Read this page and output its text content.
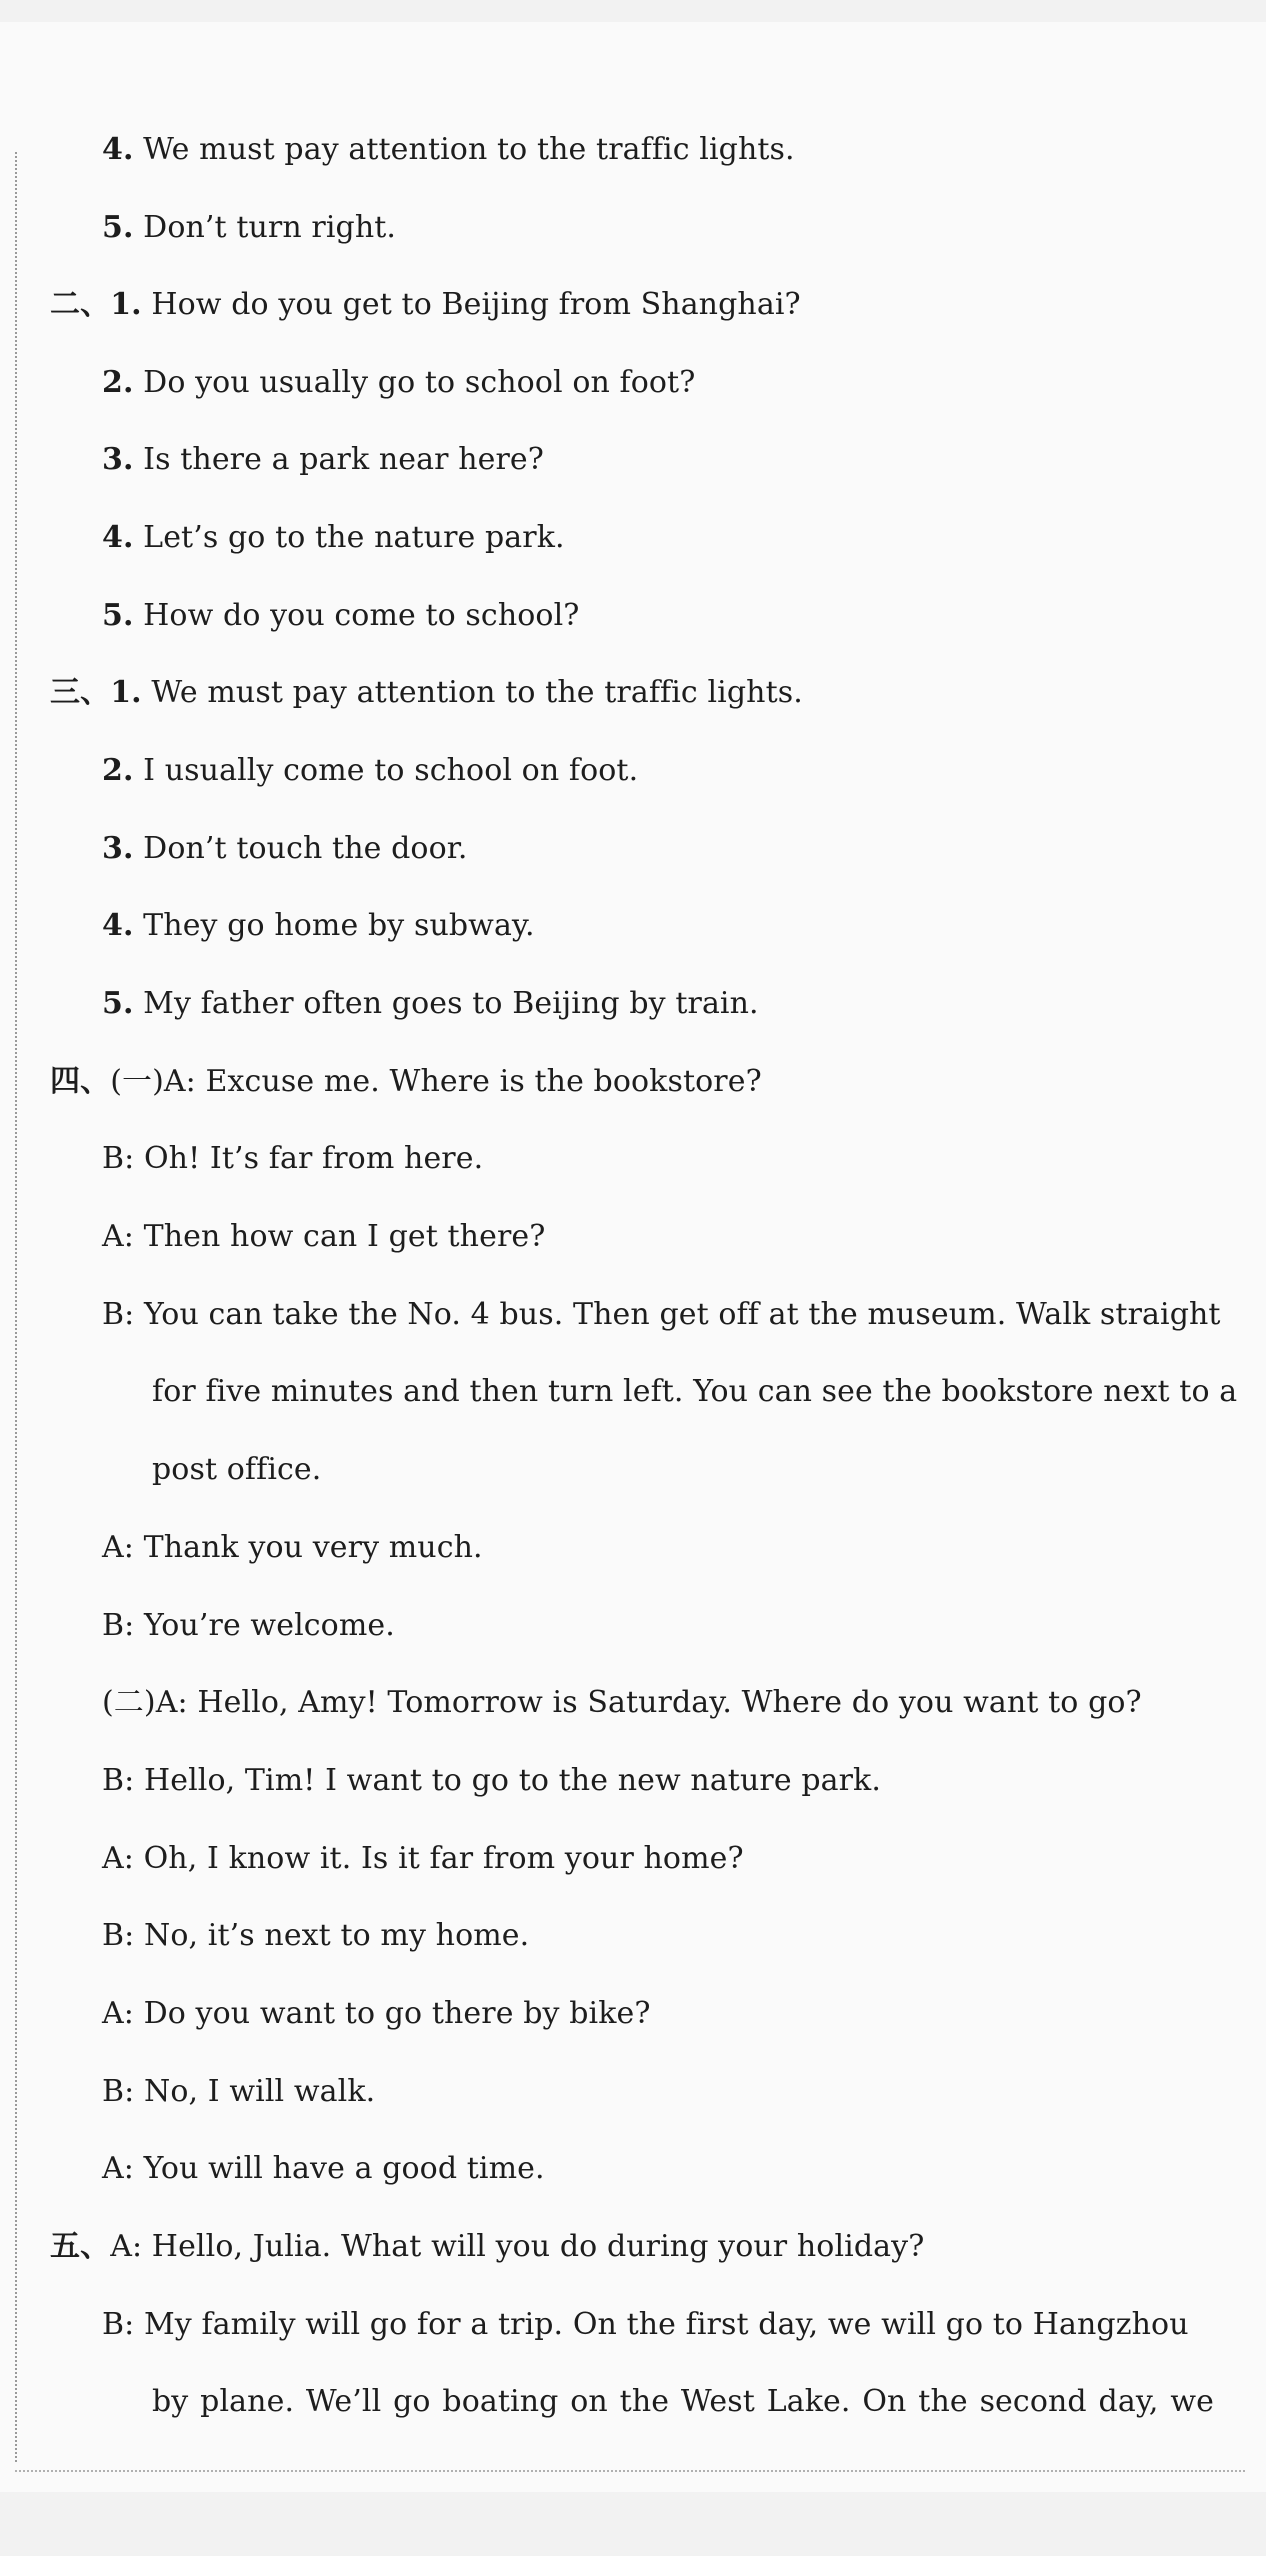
4. We must pay attention to the traffic lights.
5. Don’t turn right.
二、1. How do you get to Beijing from Shanghai?
2. Do you usually go to school on foot?
3. Is there a park near here?
4. Let’s go to the nature park.
5. How do you come to school?
三、1. We must pay attention to the traffic lights.
2. I usually come to school on foot.
3. Don’t touch the door.
4. They go home by subway.
5. My father often goes to Beijing by train.
四、(一)A: Excuse me. Where is the bookstore?
B: Oh! It’s far from here.
A: Then how can I get there?
B: You can take the No. 4 bus. Then get off at the museum. Walk straight
for five minutes and then turn left. You can see the bookstore next to a
post office.
A: Thank you very much.
B: You’re welcome.
(二)A: Hello, Amy! Tomorrow is Saturday. Where do you want to go?
B: Hello, Tim! I want to go to the new nature park.
A: Oh, I know it. Is it far from your home?
B: No, it’s next to my home.
A: Do you want to go there by bike?
B: No, I will walk.
A: You will have a good time.
五、A: Hello, Julia. What will you do during your holiday?
B: My family will go for a trip. On the first day, we will go to Hangzhou
by plane. We’ll go boating on the West Lake. On the second day, we
